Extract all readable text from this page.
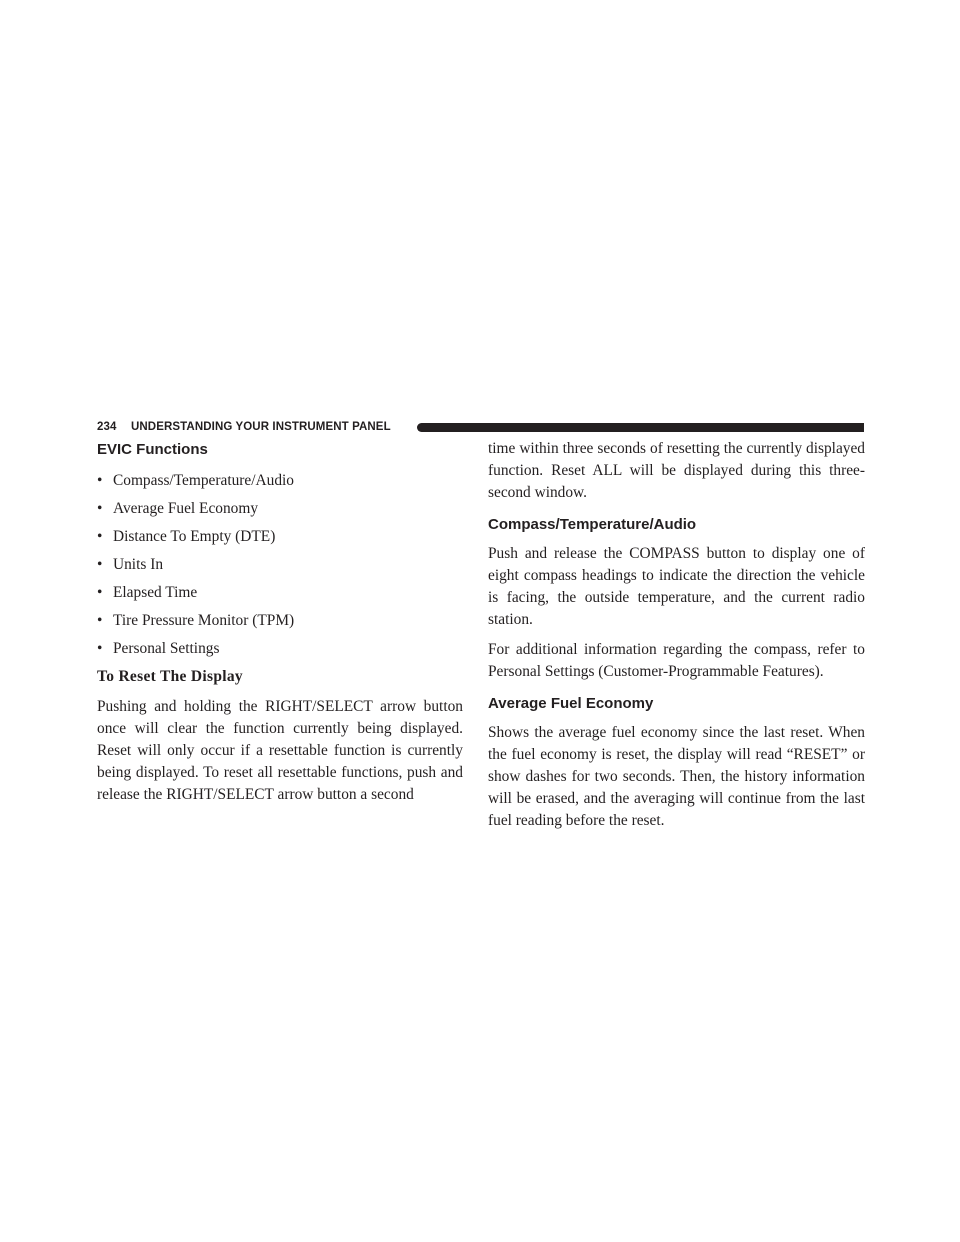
234 UNDERSTANDING YOUR INSTRUMENT PANEL
EVIC Functions
• Compass/Temperature/Audio
• Average Fuel Economy
• Distance To Empty (DTE)
• Units In
• Elapsed Time
• Tire Pressure Monitor (TPM)
• Personal Settings
To Reset The Display

Pushing and holding the RIGHT/SELECT arrow button once will clear the function currently being displayed. Reset will only occur if a resettable function is currently being displayed. To reset all resettable functions, push and release the RIGHT/SELECT arrow button a second

time within three seconds of resetting the currently displayed function. Reset ALL will be displayed during this three-second window.

Compass/Temperature/Audio

Push and release the COMPASS button to display one of eight compass headings to indicate the direction the vehicle is facing, the outside temperature, and the current radio station.

For additional information regarding the compass, refer to Personal Settings (Customer-Programmable Features).

Average Fuel Economy

Shows the average fuel economy since the last reset. When the fuel economy is reset, the display will read “RESET” or show dashes for two seconds. Then, the history information will be erased, and the averaging will continue from the last fuel reading before the reset.
